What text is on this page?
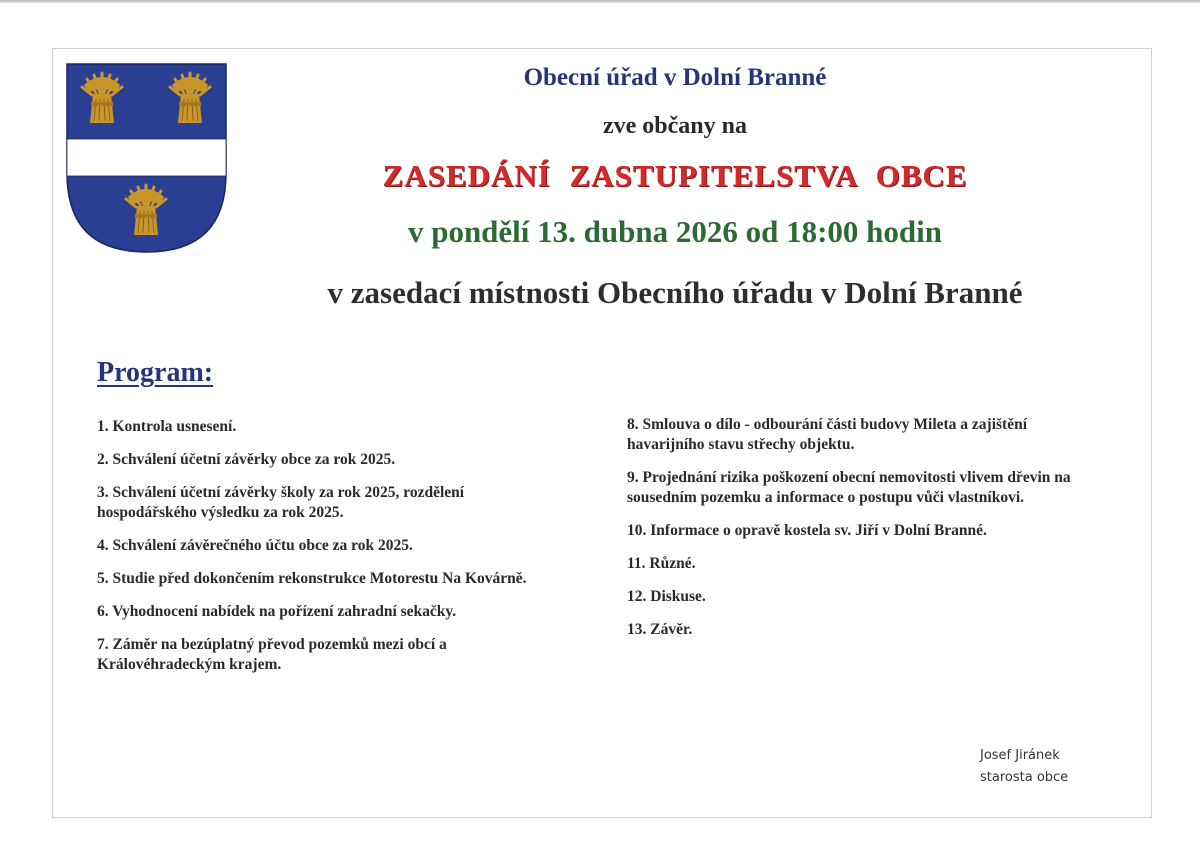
Obecní úřad v Dolní Branné
zve občany na
ZASEDÁNÍ ZASTUPITELSTVA OBCE
v pondělí 13. dubna 2026 od 18:00 hodin
v zasedací místnosti Obecního úřadu v Dolní Branné
Program:
1. Kontrola usnesení.
2. Schválení účetní závěrky obce za rok 2025.
3. Schválení účetní závěrky školy za rok 2025, rozdělení hospodářského výsledku za rok 2025.
4. Schválení závěrečného účtu obce za rok 2025.
5. Studie před dokončením rekonstrukce Motorestu Na Kovárně.
6. Vyhodnocení nabídek na pořízení zahradní sekačky.
7. Záměr na bezúplatný převod pozemků mezi obcí a Královéhradeckým krajem.
8. Smlouva o dílo - odbourání části budovy Mileta a zajištění havarijního stavu střechy objektu.
9. Projednání rizika poškození obecní nemovitosti vlivem dřevin na sousedním pozemku a informace o postupu vůči vlastníkovi.
10. Informace o opravě kostela sv. Jiří v Dolní Branné.
11. Různé.
12. Diskuse.
13. Závěr.
Josef Jiránek
starosta obce
